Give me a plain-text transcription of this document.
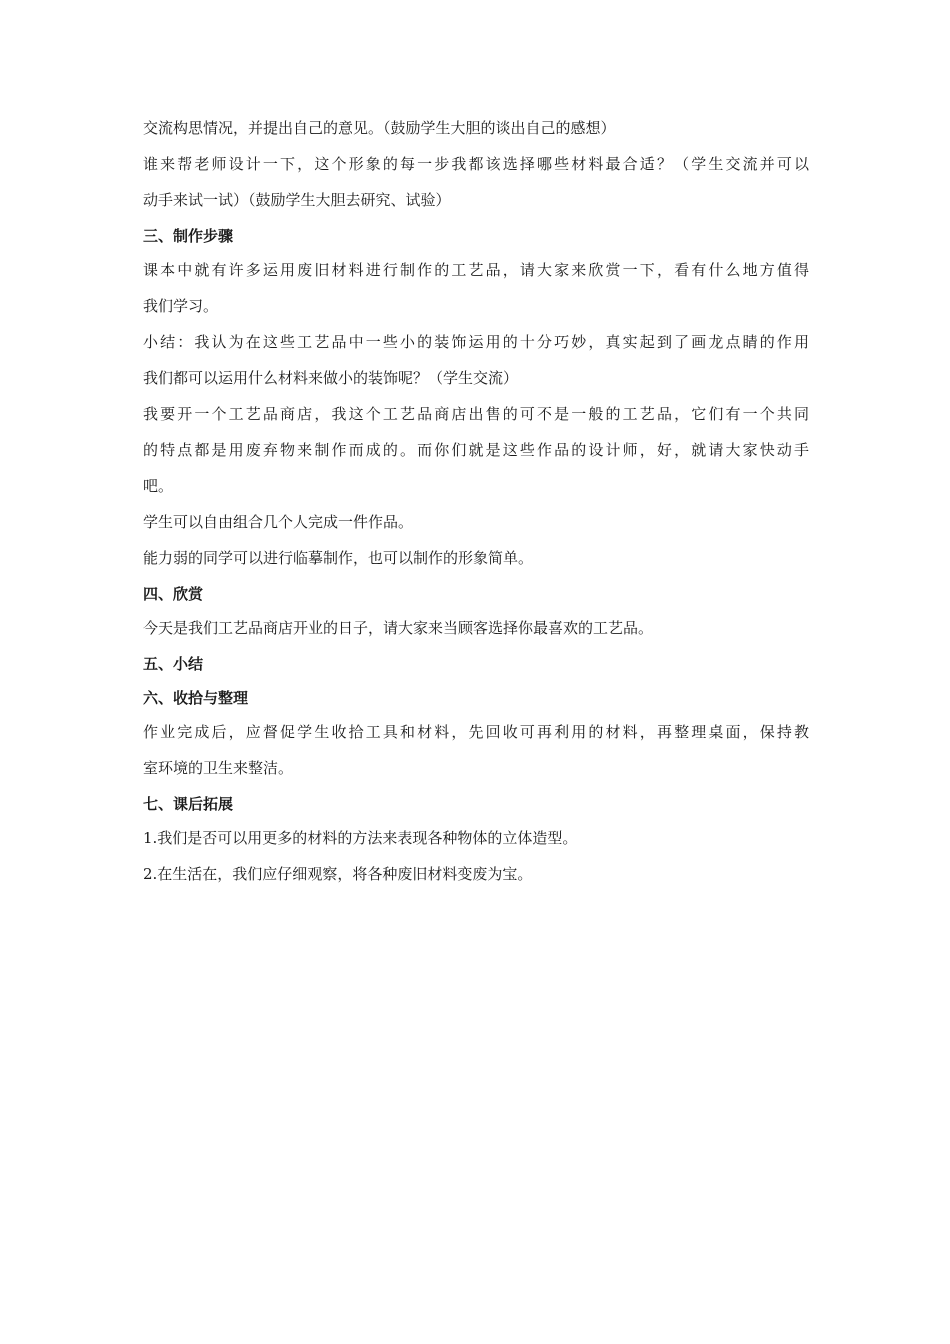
交流构思情况，并提出自己的意见。（鼓励学生大胆的谈出自己的感想）
谁来帮老师设计一下，这个形象的每一步我都该选择哪些材料最合适？（学生交流并可以
动手来试一试）（鼓励学生大胆去研究、试验）
三、制作步骤
课本中就有许多运用废旧材料进行制作的工艺品，请大家来欣赏一下，看有什么地方值得
我们学习。
小结：我认为在这些工艺品中一些小的装饰运用的十分巧妙，真实起到了画龙点睛的作用
我们都可以运用什么材料来做小的装饰呢？（学生交流）
我要开一个工艺品商店，我这个工艺品商店出售的可不是一般的工艺品，它们有一个共同
的特点都是用废弃物来制作而成的。而你们就是这些作品的设计师，好，就请大家快动手
吧。
学生可以自由组合几个人完成一件作品。
能力弱的同学可以进行临摹制作，也可以制作的形象简单。
四、欣赏
今天是我们工艺品商店开业的日子，请大家来当顾客选择你最喜欢的工艺品。
五、小结
六、收拾与整理
作业完成后，应督促学生收拾工具和材料，先回收可再利用的材料，再整理桌面，保持教
室环境的卫生来整洁。
七、课后拓展
1.我们是否可以用更多的材料的方法来表现各种物体的立体造型。
2.在生活在，我们应仔细观察，将各种废旧材料变废为宝。
